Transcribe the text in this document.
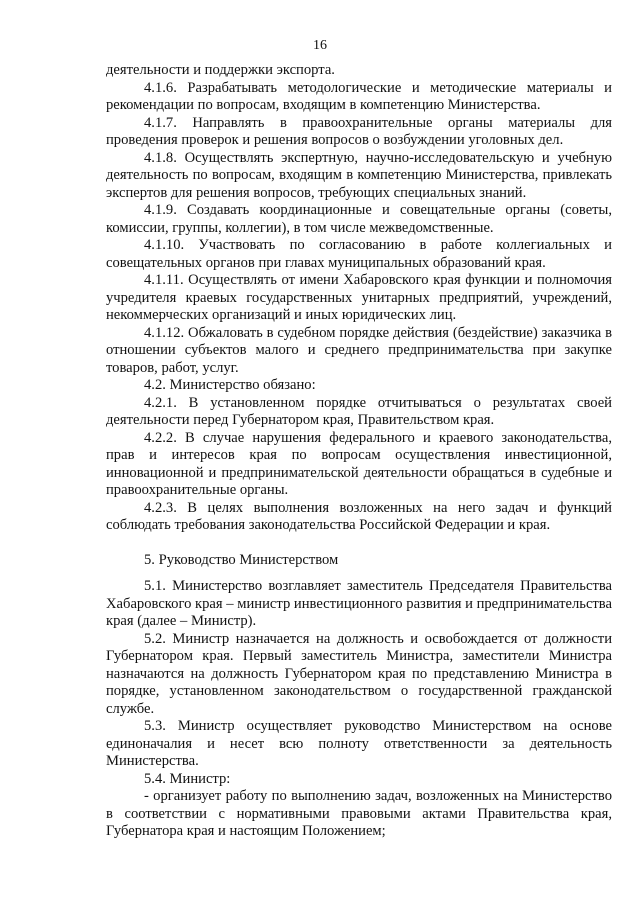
16

деятельности и поддержки экспорта.

4.1.6. Разрабатывать методологические и методические материалы и рекомендации по вопросам, входящим в компетенцию Министерства.

4.1.7. Направлять в правоохранительные органы материалы для проведения проверок и решения вопросов о возбуждении уголовных дел.

4.1.8. Осуществлять экспертную, научно-исследовательскую и учебную деятельность по вопросам, входящим в компетенцию Министерства, привлекать экспертов для решения вопросов, требующих специальных знаний.

4.1.9. Создавать координационные и совещательные органы (советы, комиссии, группы, коллегии), в том числе межведомственные.

4.1.10. Участвовать по согласованию в работе коллегиальных и совещательных органов при главах муниципальных образований края.

4.1.11. Осуществлять от имени Хабаровского края функции и полномочия учредителя краевых государственных унитарных предприятий, учреждений, некоммерческих организаций и иных юридических лиц.

4.1.12. Обжаловать в судебном порядке действия (бездействие) заказчика в отношении субъектов малого и среднего предпринимательства при закупке товаров, работ, услуг.

4.2. Министерство обязано:

4.2.1. В установленном порядке отчитываться о результатах своей деятельности перед Губернатором края, Правительством края.

4.2.2. В случае нарушения федерального и краевого законодательства, прав и интересов края по вопросам осуществления инвестиционной, инновационной и предпринимательской деятельности обращаться в судебные и правоохранительные органы.

4.2.3. В целях выполнения возложенных на него задач и функций соблюдать требования законодательства Российской Федерации и края.

5. Руководство Министерством

5.1. Министерство возглавляет заместитель Председателя Правительства Хабаровского края – министр инвестиционного развития и предпринимательства края (далее – Министр).

5.2. Министр назначается на должность и освобождается от должности Губернатором края. Первый заместитель Министра, заместители Министра назначаются на должность Губернатором края по представлению Министра в порядке, установленном законодательством о государственной гражданской службе.

5.3. Министр осуществляет руководство Министерством на основе единоначалия и несет всю полноту ответственности за деятельность Министерства.

5.4. Министр:

- организует работу по выполнению задач, возложенных на Министерство в соответствии с нормативными правовыми актами Правительства края, Губернатора края и настоящим Положением;
